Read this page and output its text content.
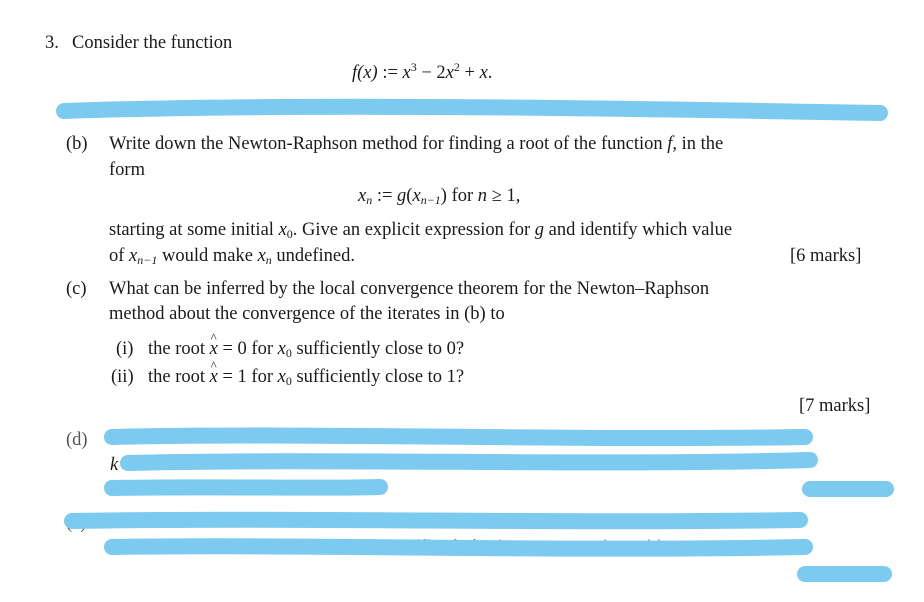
3. Consider the function
f(x) := $x^3 - 2x^2 + x$.
(b) Write down the Newton-Raphson method for finding a root of the function f, in the
form
$x_n$ := $g(x_{n-1})$ for n ≥ 1,
starting at some initial $x_0$. Give an explicit expression for g and identify which value
of $x_{n-1}$ would make $x_n$ undefined.	[6 marks]
(c) What can be inferred by the local convergence theorem for the Newton–Raphson
method about the convergence of the iterates in (b) to
(i) the root ^ x = 0 for $x_0$ sufficiently close to 0?
(ii) the root ^ x = 1 for $x_0$ sufficiently close to 1?
[7 marks]
(d)	..mpute to four significant figures, the iterates x
k
(e)
in part (d) and relate it to your answer in part (c)
